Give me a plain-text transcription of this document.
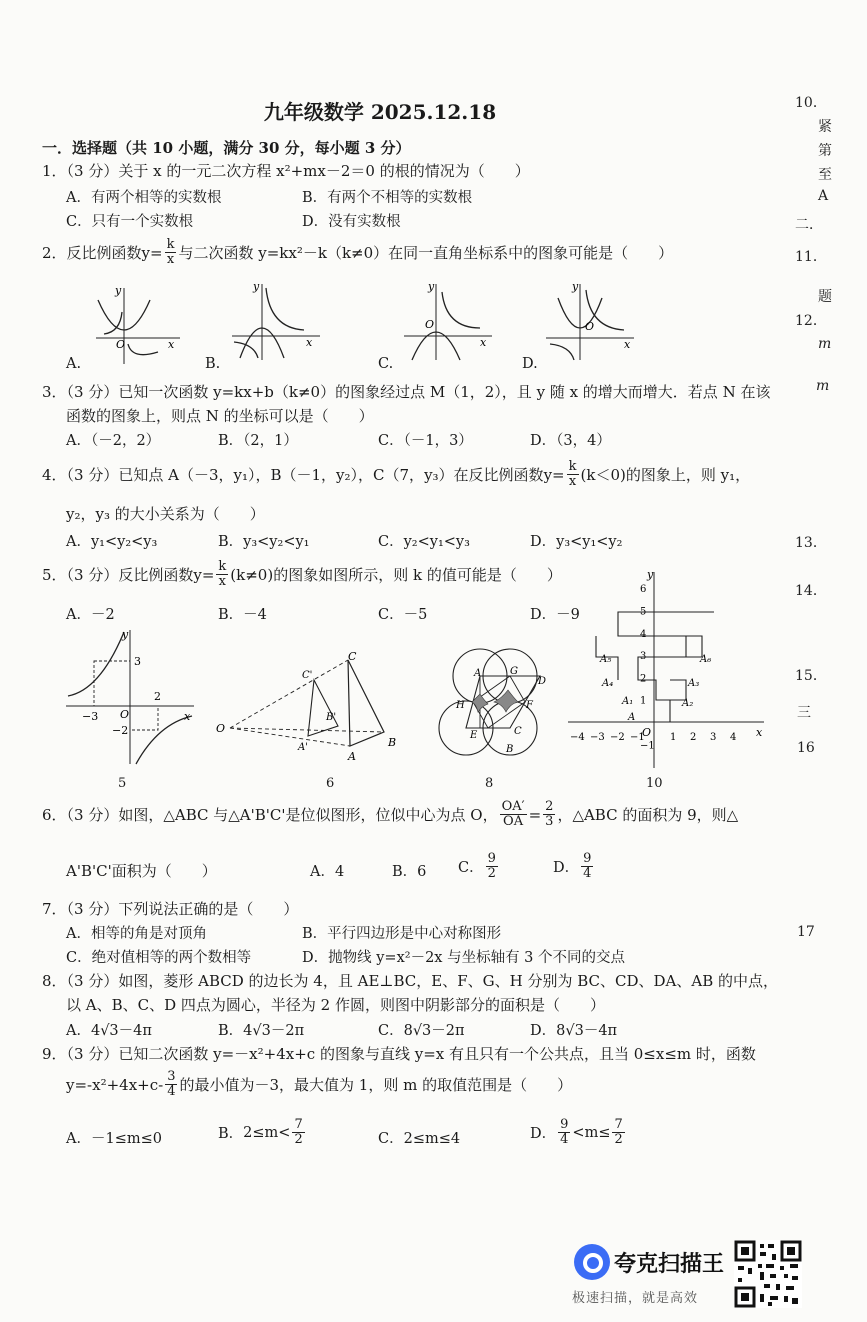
九年级数学 2025.12.18
一．选择题（共 10 小题，满分 30 分，每小题 3 分）
1．（3 分）关于 x 的一元二次方程 x²+mx－2＝0 的根的情况为（　　）
A．有两个相等的实数根	B．有两个不相等的实数根
C．只有一个实数根	D．没有实数根
2．反比例函数 $y= \frac{k}{x}$ 与二次函数 y=kx²－k（k≠0）在同一直角坐标系中的图象可能是（　　）
O	x
y
A.
x
y
B.
O
x
y
C.
O
x
y
D.
3．（3 分）已知一次函数 y=kx+b（k≠0）的图象经过点 M（1，2），且 y 随 x 的增大而增大．若点 N 在该
函数的图象上，则点 N 的坐标可以是（　　）
A．（－2，2）	B．（2，1）	C．（－1，3）	D．（3，4）
4．（3 分）已知点 A（－3，y₁），B（－1，y₂），C（7，y₃）在反比例函数 $y= \frac{k}{x} (k<0)$ 的图象上，则 y₁，
y₂，y₃ 的大小关系为（　　）
A．y₁<y₂<y₃	B．y₃<y₂<y₁	C．y₂<y₁<y₃	D．y₃<y₁<y₂
5．（3 分）反比例函数 $y= \frac{k}{x} (k\ne 0)$ 的图象如图所示，则 k 的值可能是（　　）
A．－2	B．－4	C．－5	D．－9
O
y
x
3
−3
2
−2
5
O
A
B
C
A'
B'
C'
6
A
B
C
D
E
F
G
H
8
6
5
4
3
2
1
−1
−4 −3 −2 −1	1 2 3 4
y
x
O
A
A₁	A₂
A₃
A₄
A₅	A₆
10
6．（3 分）如图，△ABC 与△A'B'C'是位似图形，位似中心为点 O， $\frac{OA'}{OA} = \frac{2}{3}$ ，△ABC 的面积为 9，则△
A'B'C'面积为（　　）	A．4	B．6 C． $\frac{9}{2}$	D． $\frac{9}{4}$
7．（3 分）下列说法正确的是（　　）
A．相等的角是对顶角	B．平行四边形是中心对称图形
C．绝对值相等的两个数相等	D．抛物线 y=x²－2x 与坐标轴有 3 个不同的交点
8．（3 分）如图，菱形 ABCD 的边长为 4，且 AE⊥BC，E、F、G、H 分别为 BC、CD、DA、AB 的中点，
以 A、B、C、D 四点为圆心，半径为 2 作圆，则图中阴影部分的面积是（　　）
A．4√3－4π	B．4√3－2π	C．8√3－2π	D．8√3－4π
9．（3 分）已知二次函数 y=－x²+4x+c 的图象与直线 y=x 有且只有一个公共点，且当 0≤x≤m 时，函数
$y=-x^2+4x+c- \frac{3}{4}$ 的最小值为－3，最大值为 1，则 m 的取值范围是（　　）
A．－1≤m≤0	B． $2\le m< \frac{7}{2}$	C．2≤m≤4	D． $\frac{9}{4} <m\le \frac{7}{2}$
10．
紧
第
至
A
二．
11．
题
12．
m
m
13．
14．
15．
三
16
17
夸克扫描王
极速扫描，就是高效
